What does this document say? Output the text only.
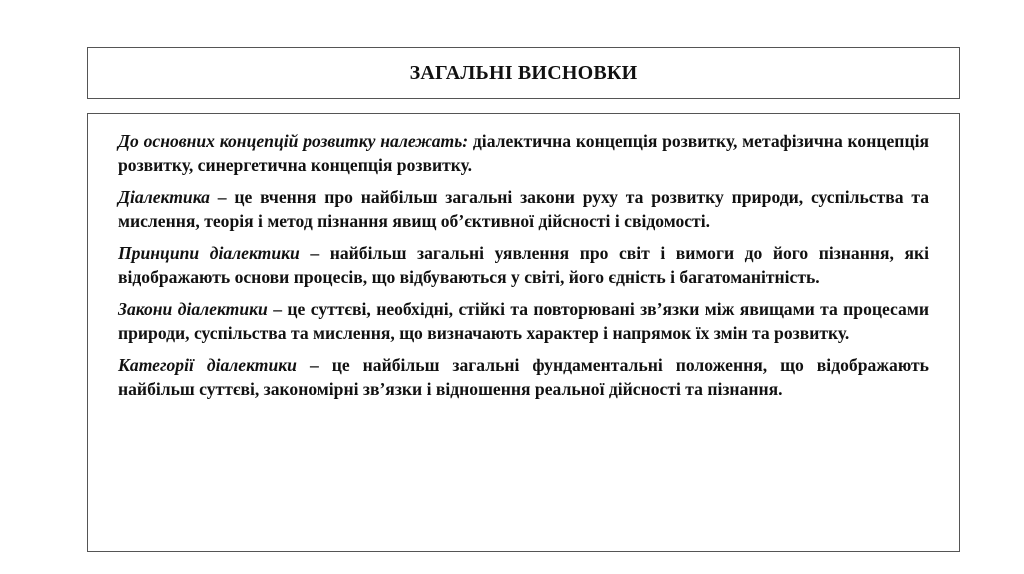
ЗАГАЛЬНІ ВИСНОВКИ

До основних концепцій розвитку належать: діалектична концепція розвитку, метафізична концепція розвитку, синергетична концепція розвитку.

Діалектика – це вчення про найбільш загальні закони руху та розвитку природи, суспільства та мислення, теорія і метод пізнання явищ об’єктивної дійсності і свідомості.

Принципи діалектики – найбільш загальні уявлення про світ і вимоги до його пізнання, які відображають основи процесів, що відбуваються у світі, його єдність і багатоманітність.

Закони діалектики – це суттєві, необхідні, стійкі та повторювані зв’язки між явищами та процесами природи, суспільства та мислення, що визначають характер і напрямок їх змін та розвитку.

Категорії діалектики – це найбільш загальні фундаментальні положення, що відображають найбільш суттєві, закономірні зв’язки і відношення реальної дійсності та пізнання.
